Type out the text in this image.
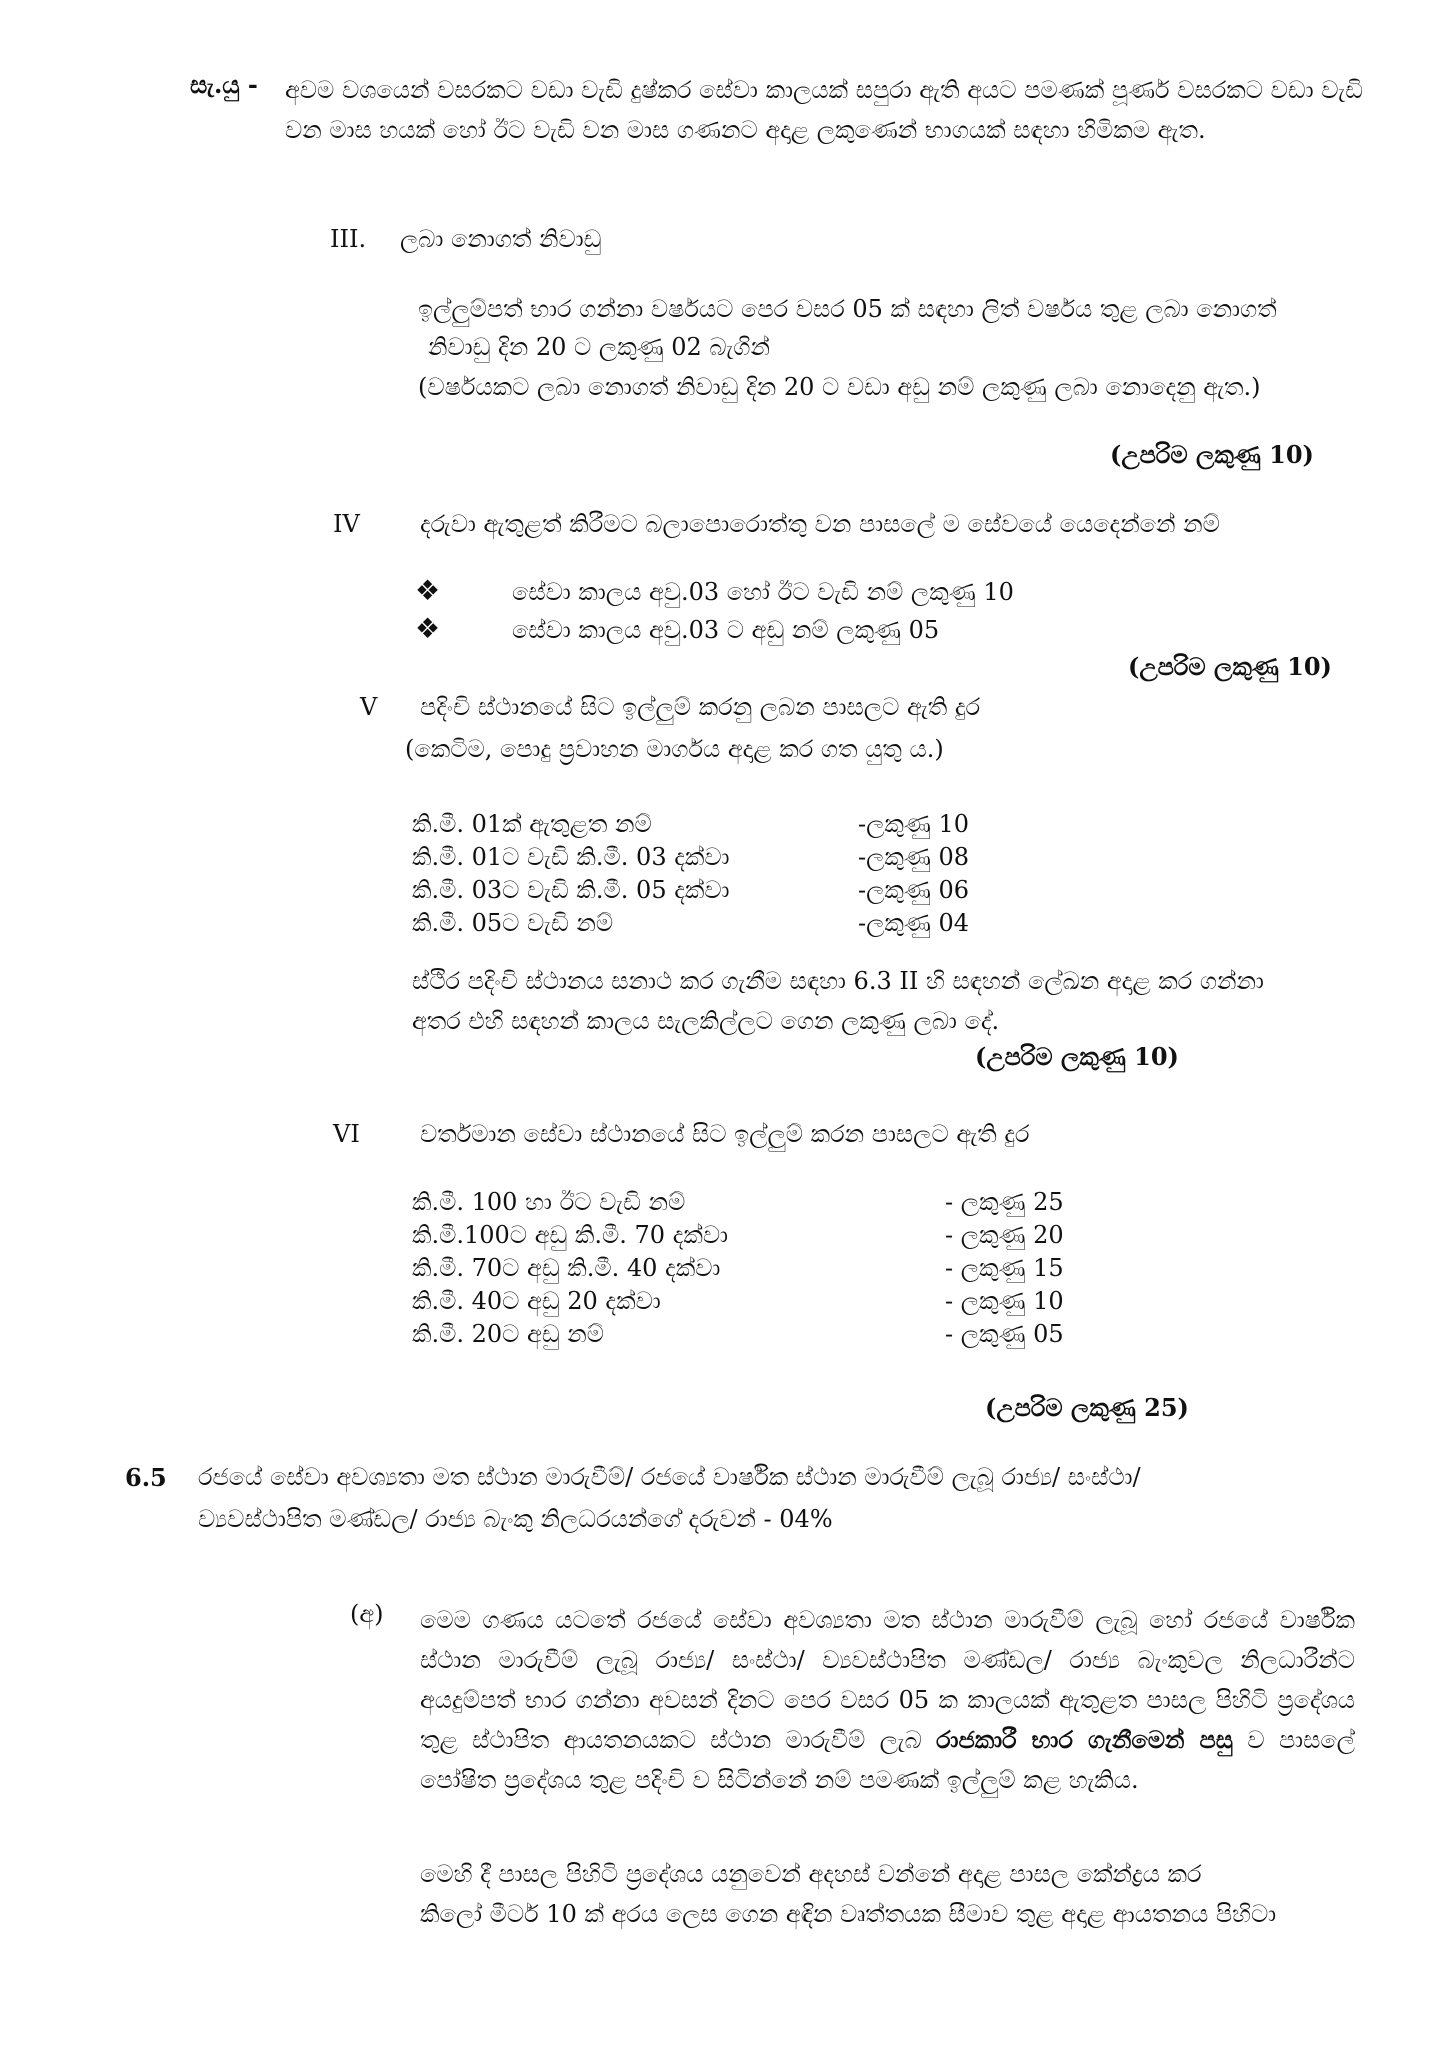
සැ.යු - අවම වශයෙන් වසරකට වඩා වැඩි දුෂ්කර සේවා කාලයක් සපුරා ඇති අයට පමණක් පූර්ණ වසරකට වඩා වැඩි වන මාස හයක් හෝ ඊට වැඩි වන මාස ගණනට අදාළ ලකුණෙන් භාගයක් සඳහා හිමිකම ඇත.
III. ලබා නොගත් නිවාඩු
ඉල්ලුම්පත් භාර ගන්නා වර්ෂයට පෙර වසර 05 ක් සඳහා ලිත් වර්ෂය තුළ ලබා නොගත්
නිවාඩු දින 20 ට ලකුණු 02 බැගින්
(වර්ෂයකට ලබා නොගත් නිවාඩු දින 20 ට වඩා අඩු නම් ලකුණු ලබා නොදෙනු ඇත.)
(උපරිම ලකුණු 10)
IV	දරුවා ඇතුළත් කිරීමට බලාපොරොත්තු වන පාසලේ ම සේවයේ යෙදෙන්නේ නම්
❖	සේවා කාලය අවු.03 හෝ ඊට වැඩි නම් ලකුණු 10
❖	සේවා කාලය අවු.03 ට අඩු නම් ලකුණු 05
(උපරිම ලකුණු 10)
V පදිංචි ස්ථානයේ සිට ඉල්ලුම් කරනු ලබන පාසලට ඇති දුර
(කෙටිම, පොදු ප්‍රවාහන මාර්ගය අදාළ කර ගත යුතු ය.)
කි.මී. 01ක් ඇතුළත නම්	-ලකුණු 10
කි.මී. 01ට වැඩි කි.මී. 03 දක්වා	-ලකුණු 08
කි.මී. 03ට වැඩි කි.මී. 05 දක්වා	-ලකුණු 06
කි.මී. 05ට වැඩි නම්	-ලකුණු 04
ස්ථිර පදිංචි ස්ථානය සනාථ කර ගැනීම සඳහා 6.3 II හි සඳහන් ලේඛන අදාළ කර ගන්නා
අතර එහි සඳහන් කාලය සැලකිල්ලට ගෙන ලකුණු ලබා දේ.
(උපරිම ලකුණු 10)
VI	වර්තමාන සේවා ස්ථානයේ සිට ඉල්ලුම් කරන පාසලට ඇති දුර
කි.මී. 100 හා ඊට වැඩි නම්	- ලකුණු 25
කි.මී.100ට අඩු කි.මී. 70 දක්වා	- ලකුණු 20
කි.මී. 70ට අඩු කි.මී. 40 දක්වා	- ලකුණු 15
කි.මී. 40ට අඩු 20 දක්වා	- ලකුණු 10
කි.මී. 20ට අඩු නම්	- ලකුණු 05
(උපරිම ලකුණු 25)
6.5 රජයේ සේවා අවශ්‍යතා මත ස්ථාන මාරුවීම්/ රජයේ වාර්ෂික ස්ථාන මාරුවීම් ලැබූ රාජ්‍ය/ සංස්ථා/
ව්‍යවස්ථාපිත මණ්ඩල/ රාජ්‍ය බැංකු නිලධරයන්ගේ දරුවන් - 04%
(අ) මෙම ගණය යටතේ රජයේ සේවා අවශ්‍යතා මත ස්ථාන මාරුවීම් ලැබූ හෝ රජයේ වාර්ෂික ස්ථාන මාරුවීම් ලැබූ රාජ්‍ය/ සංස්ථා/ ව්‍යවස්ථාපිත මණ්ඩල/ රාජ්‍ය බැංකුවල නිලධාරීන්ට අයදුම්පත් භාර ගන්නා අවසන් දිනට පෙර වසර 05 ක කාලයක් ඇතුළත පාසල පිහිටි ප්‍රදේශය තුළ ස්ථාපිත ආයතනයකට ස්ථාන මාරුවීම් ලැබ රාජකාරී භාර ගැනීමෙන් පසු ව පාසලේ පෝෂිත ප්‍රදේශය තුළ පදිංචි ව සිටින්නේ නම් පමණක් ඉල්ලුම් කළ හැකිය.
මෙහි දී පාසල පිහිටි ප්‍රදේශය යනුවෙන් අදහස් වන්නේ අදාළ පාසල කේන්ද්‍රය කර
කිලෝ මීටර් 10 ක් අරය ලෙස ගෙන අඳින වෘත්තයක සීමාව තුළ අදාළ ආයතනය පිහිටා
